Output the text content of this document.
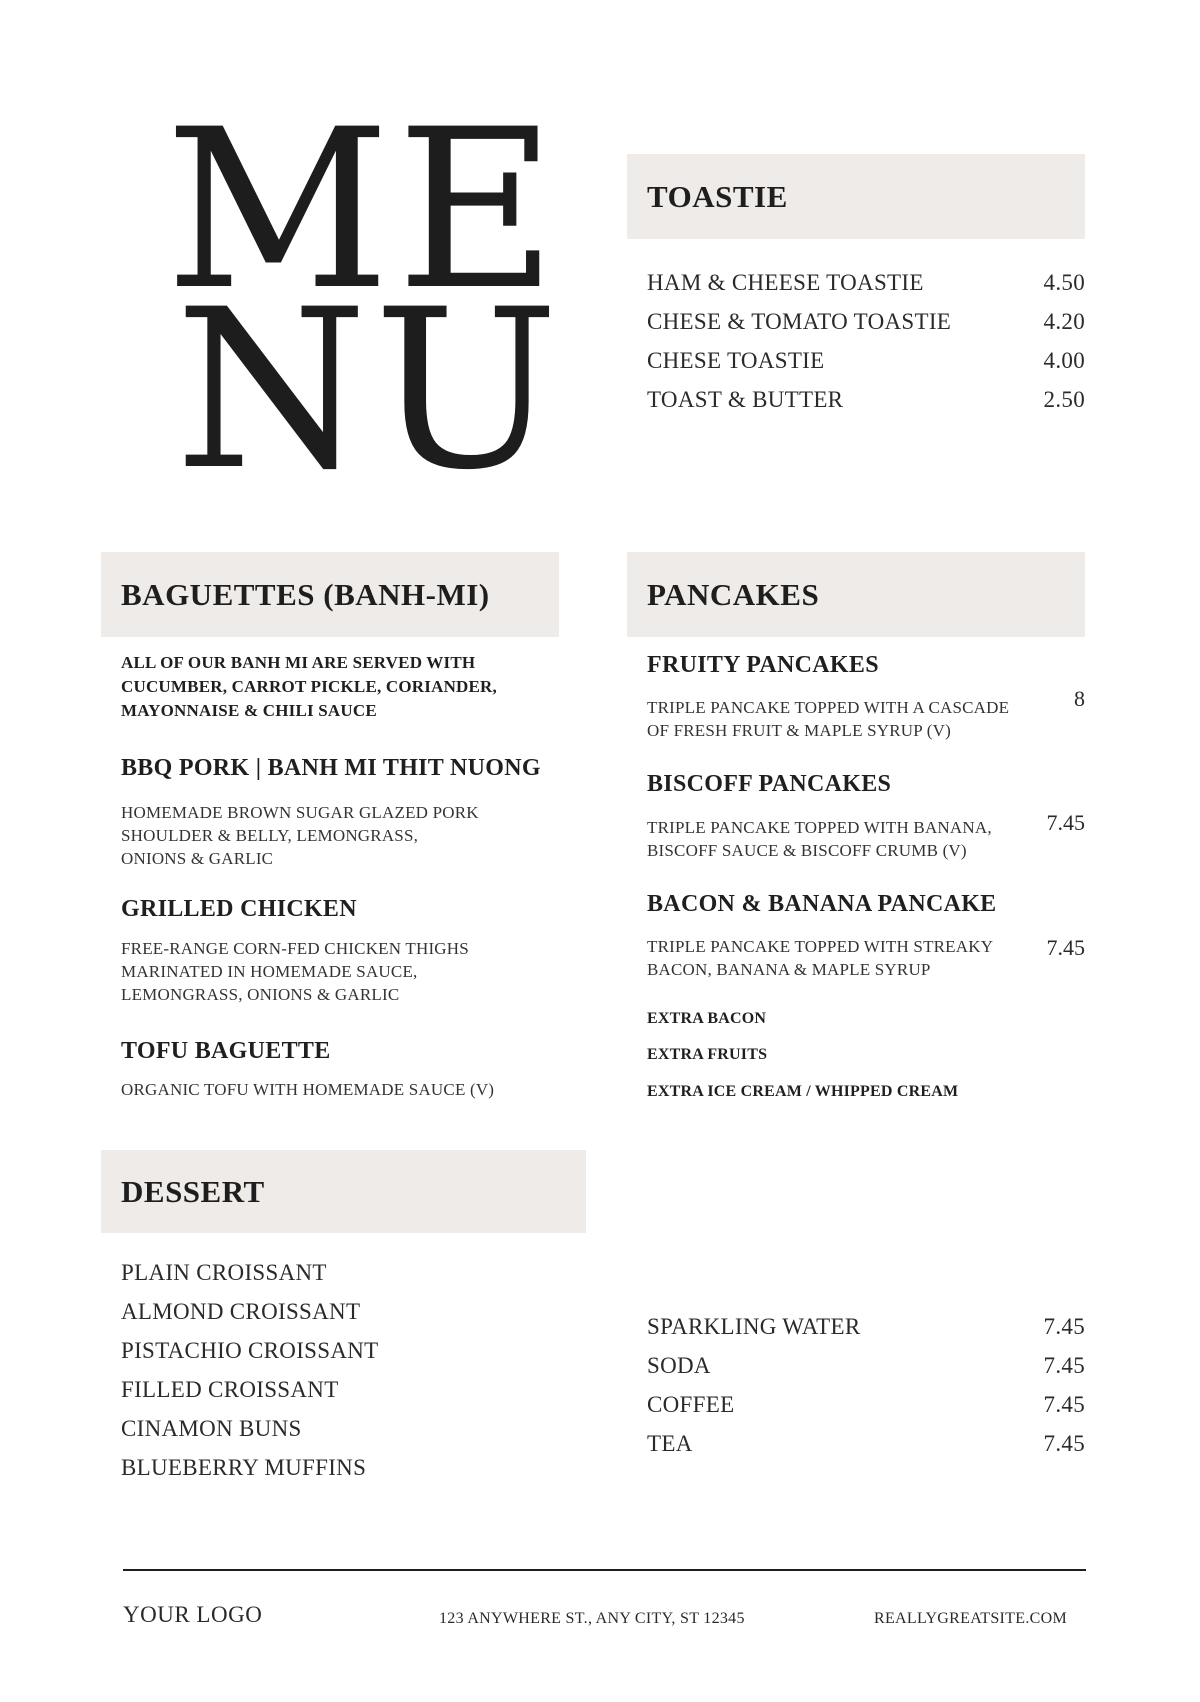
ME
NU
TOASTIE
HAM & CHEESE TOASTIE	4.50
CHESE & TOMATO TOASTIE	4.20
CHESE TOASTIE	4.00
TOAST & BUTTER	2.50
BAGUETTES (BANH-MI)
ALL OF OUR BANH MI ARE SERVED WITH CUCUMBER, CARROT PICKLE, CORIANDER, MAYONNAISE & CHILI SAUCE
BBQ PORK | BANH MI THIT NUONG
HOMEMADE BROWN SUGAR GLAZED PORK SHOULDER & BELLY, LEMONGRASS, ONIONS & GARLIC
GRILLED CHICKEN
FREE-RANGE CORN-FED CHICKEN THIGHS MARINATED IN HOMEMADE SAUCE, LEMONGRASS, ONIONS & GARLIC
TOFU BAGUETTE
ORGANIC TOFU WITH HOMEMADE SAUCE (V)
PANCAKES
FRUITY PANCAKES
TRIPLE PANCAKE TOPPED WITH A CASCADE OF FRESH FRUIT & MAPLE SYRUP (V)
8
BISCOFF PANCAKES
TRIPLE PANCAKE TOPPED WITH BANANA, BISCOFF SAUCE & BISCOFF CRUMB (V)
7.45
BACON & BANANA PANCAKE
TRIPLE PANCAKE TOPPED WITH STREAKY BACON, BANANA & MAPLE SYRUP
7.45
EXTRA BACON
EXTRA FRUITS
EXTRA ICE CREAM / WHIPPED CREAM
DESSERT
PLAIN CROISSANT
ALMOND CROISSANT
PISTACHIO CROISSANT
FILLED CROISSANT
CINAMON BUNS
BLUEBERRY MUFFINS
SPARKLING WATER	7.45
SODA	7.45
COFFEE	7.45
TEA	7.45
YOUR LOGO	123 ANYWHERE ST., ANY CITY, ST 12345	REALLYGREATSITE.COM
